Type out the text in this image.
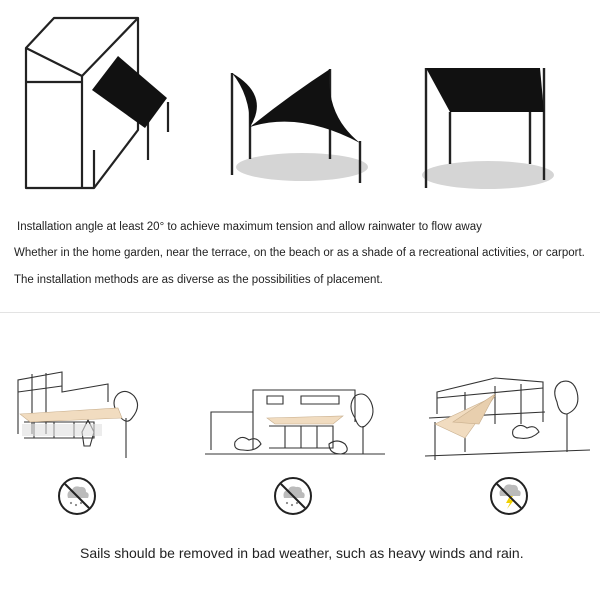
Installation angle at least 20° to achieve maximum tension and allow rainwater to flow away

Whether in the home garden, near the terrace, on the beach or as a shade of a recreational activities, or carport.

The installation methods are as diverse as the possibilities of placement.

Sails should be removed in bad weather, such as heavy winds and rain.
